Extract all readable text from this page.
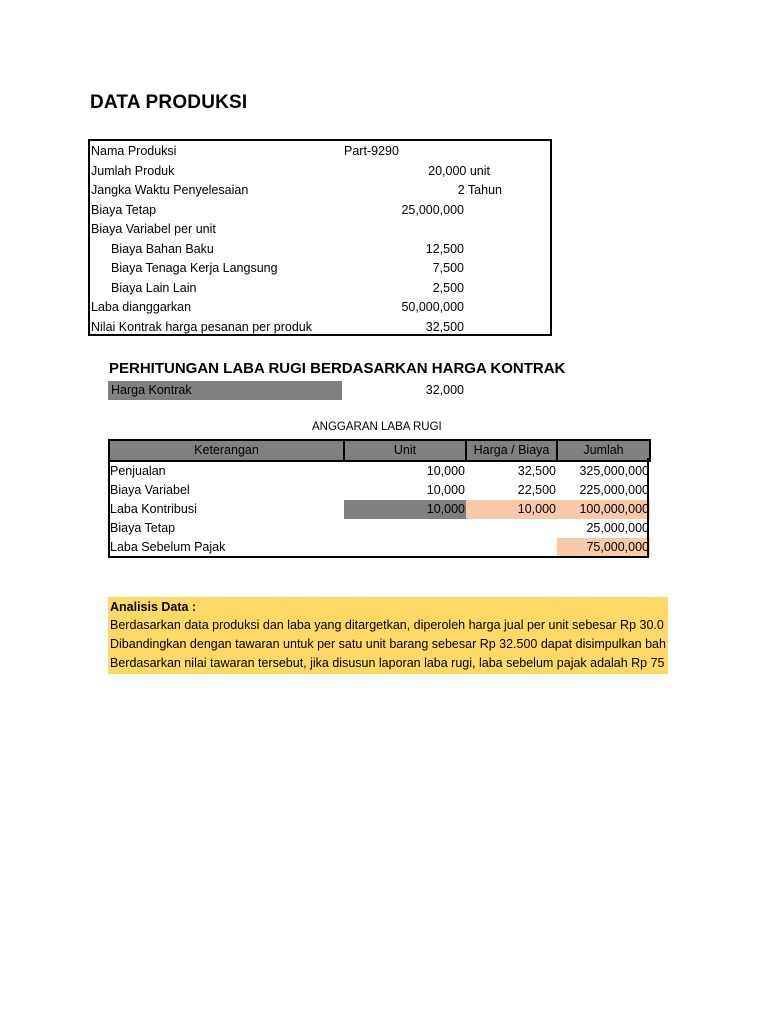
DATA PRODUKSI
Nama Produksi	Part-9290
Jumlah Produk	20,000 unit
Jangka Waktu Penyelesaian	2 Tahun
Biaya Tetap	25,000,000
Biaya Variabel per unit
Biaya Bahan Baku	12,500
Biaya Tenaga Kerja Langsung	7,500
Biaya Lain Lain	2,500
Laba dianggarkan	50,000,000
Nilai Kontrak harga pesanan per produk	32,500
PERHITUNGAN LABA RUGI BERDASARKAN HARGA KONTRAK
Harga Kontrak	32,000
ANGGARAN LABA RUGI
Keterangan	Unit	Harga / Biaya	Jumlah
Penjualan	10,000	32,500	325,000,000
Biaya Variabel	10,000	22,500	225,000,000
Laba Kontribusi	10,000	10,000	100,000,000
Biaya Tetap			25,000,000
Laba Sebelum Pajak			75,000,000
Analisis Data :
Berdasarkan data produksi dan laba yang ditargetkan, diperoleh harga jual per unit sebesar Rp 30.0
Dibandingkan dengan tawaran untuk per satu unit barang sebesar Rp 32.500 dapat disimpulkan bah
Berdasarkan nilai tawaran tersebut, jika disusun laporan laba rugi, laba sebelum pajak adalah Rp 75
